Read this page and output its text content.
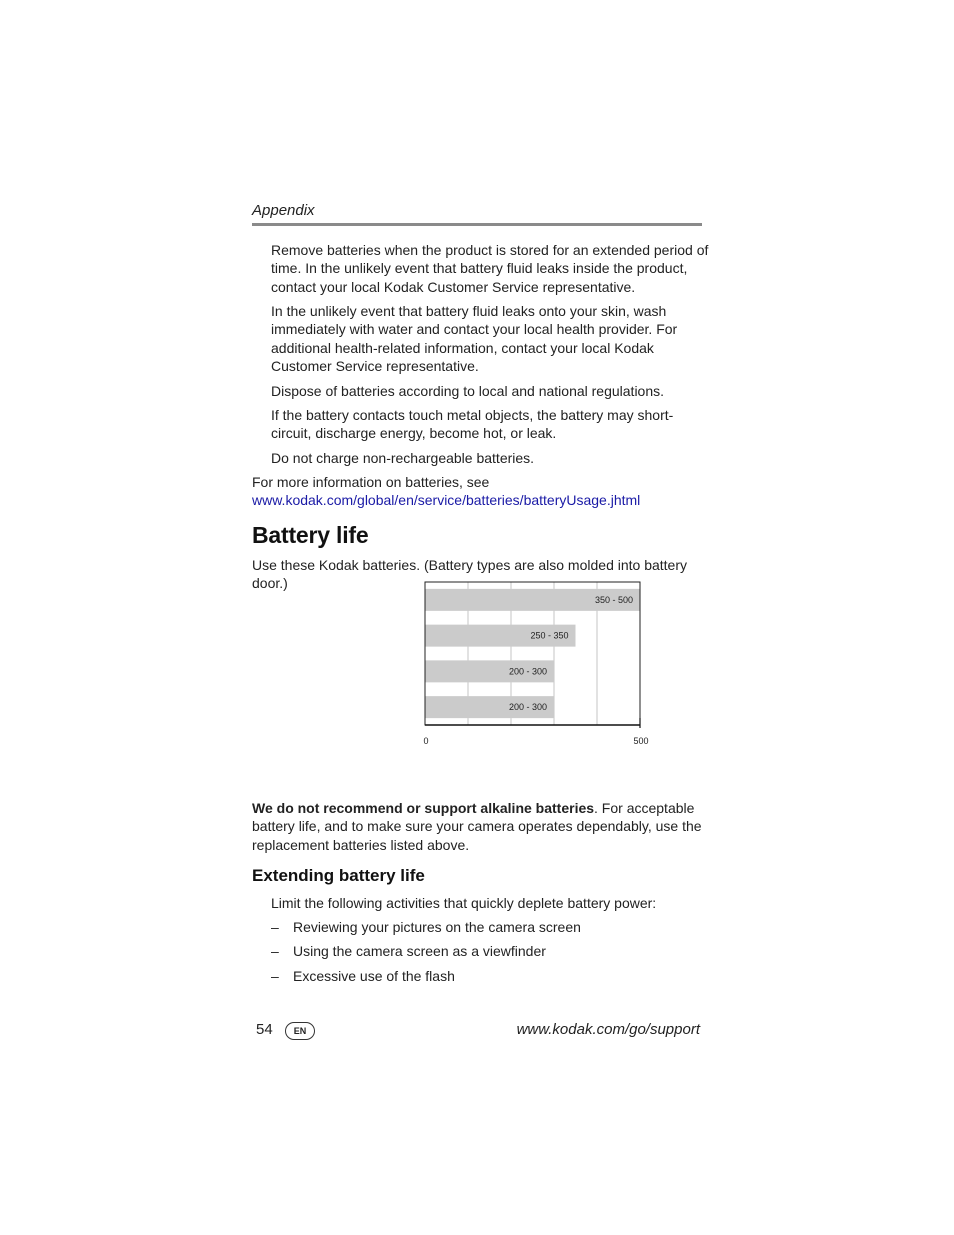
Appendix
Remove batteries when the product is stored for an extended period of time. In the unlikely event that battery fluid leaks inside the product, contact your local Kodak Customer Service representative.
In the unlikely event that battery fluid leaks onto your skin, wash immediately with water and contact your local health provider. For additional health-related information, contact your local Kodak Customer Service representative.
Dispose of batteries according to local and national regulations.
If the battery contacts touch metal objects, the battery may short-circuit, discharge energy, become hot, or leak.
Do not charge non-rechargeable batteries.
For more information on batteries, see
www.kodak.com/global/en/service/batteries/batteryUsage.jhtml
Battery life
Use these Kodak batteries. (Battery types are also molded into battery door.)
350 - 500
250 - 350
200 - 300
200 - 300
0	500
We do not recommend or support alkaline batteries. For acceptable battery life, and to make sure your camera operates dependably, use the replacement batteries listed above.
Extending battery life
Limit the following activities that quickly deplete battery power:
– Reviewing your pictures on the camera screen
– Using the camera screen as a viewfinder
– Excessive use of the flash
54	EN	www.kodak.com/go/support
